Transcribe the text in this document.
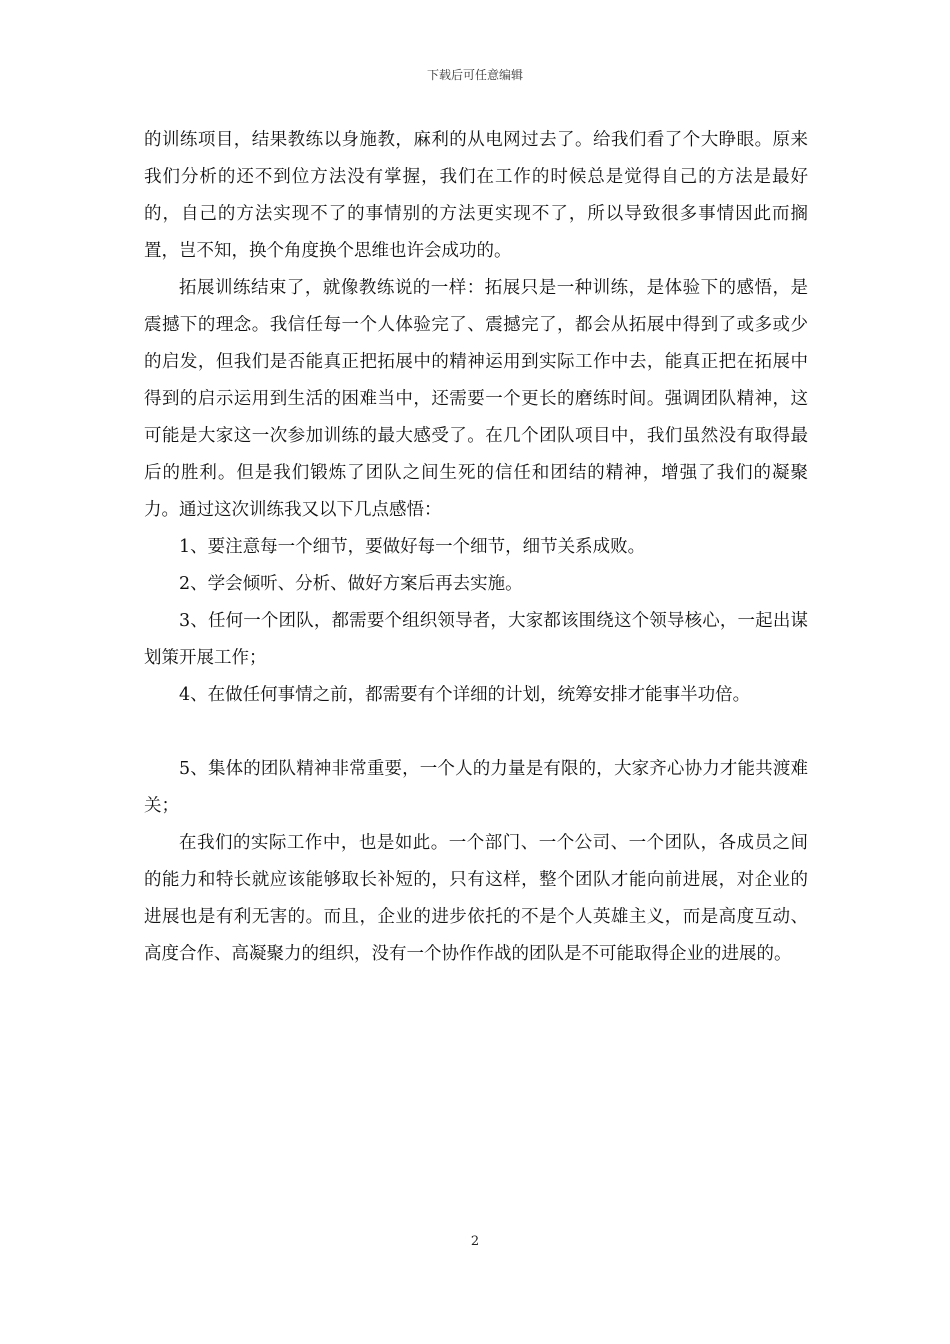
下载后可任意编辑

的训练项目，结果教练以身施教，麻利的从电网过去了。给我们看了个大睁眼。原来我们分析的还不到位方法没有掌握，我们在工作的时候总是觉得自己的方法是最好的，自己的方法实现不了的事情别的方法更实现不了，所以导致很多事情因此而搁置，岂不知，换个角度换个思维也许会成功的。

拓展训练结束了，就像教练说的一样：拓展只是一种训练，是体验下的感悟，是震撼下的理念。我信任每一个人体验完了、震撼完了，都会从拓展中得到了或多或少的启发，但我们是否能真正把拓展中的精神运用到实际工作中去，能真正把在拓展中得到的启示运用到生活的困难当中，还需要一个更长的磨练时间。强调团队精神，这可能是大家这一次参加训练的最大感受了。在几个团队项目中，我们虽然没有取得最后的胜利。但是我们锻炼了团队之间生死的信任和团结的精神，增强了我们的凝聚力。通过这次训练我又以下几点感悟：

1、要注意每一个细节，要做好每一个细节，细节关系成败。

2、学会倾听、分析、做好方案后再去实施。

3、任何一个团队，都需要个组织领导者，大家都该围绕这个领导核心，一起出谋划策开展工作；

4、在做任何事情之前，都需要有个详细的计划，统筹安排才能事半功倍。

5、集体的团队精神非常重要，一个人的力量是有限的，大家齐心协力才能共渡难关；

在我们的实际工作中，也是如此。一个部门、一个公司、一个团队，各成员之间的能力和特长就应该能够取长补短的，只有这样，整个团队才能向前进展，对企业的进展也是有利无害的。而且，企业的进步依托的不是个人英雄主义，而是高度互动、高度合作、高凝聚力的组织，没有一个协作作战的团队是不可能取得企业的进展的。

2
